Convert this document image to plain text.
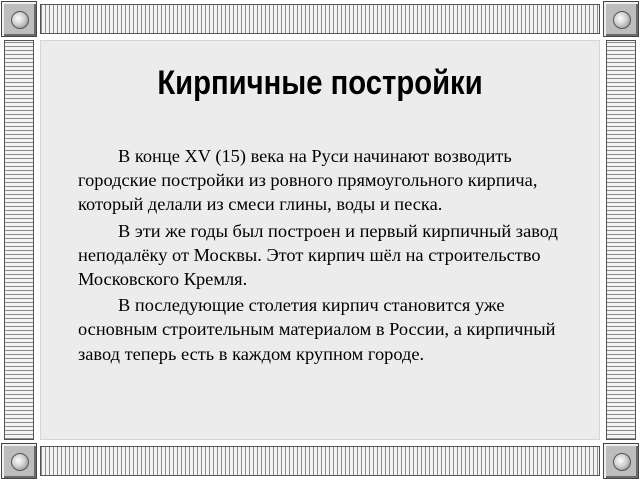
Кирпичные постройки

В конце XV (15) века на Руси начинают возводить городские постройки из ровного прямоугольного кирпича, который делали из смеси глины, воды и песка.

В эти же годы был построен и первый кирпичный завод неподалёку от Москвы. Этот кирпич шёл на строительство Московского Кремля.

В последующие столетия кирпич становится уже основным строительным материалом в России, а кирпичный завод теперь есть в каждом крупном городе.
